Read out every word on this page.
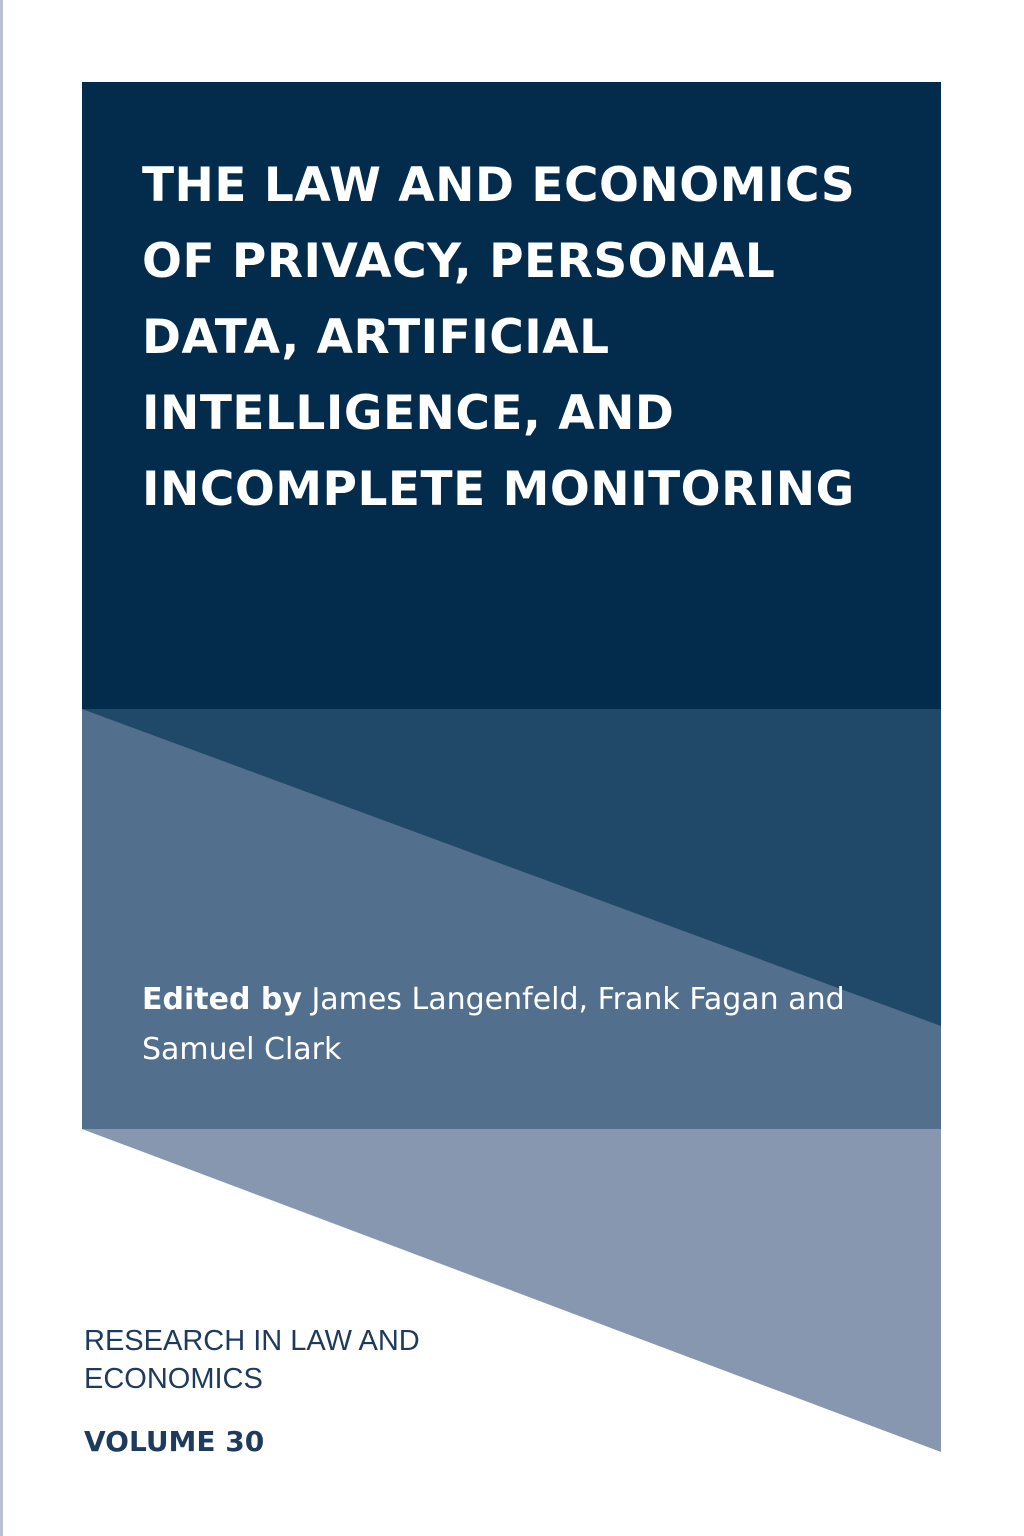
THE LAW AND ECONOMICS OF PRIVACY, PERSONAL DATA, ARTIFICIAL INTELLIGENCE, AND INCOMPLETE MONITORING
Edited by James Langenfeld, Frank Fagan and Samuel Clark
RESEARCH IN LAW AND ECONOMICS
VOLUME 30
